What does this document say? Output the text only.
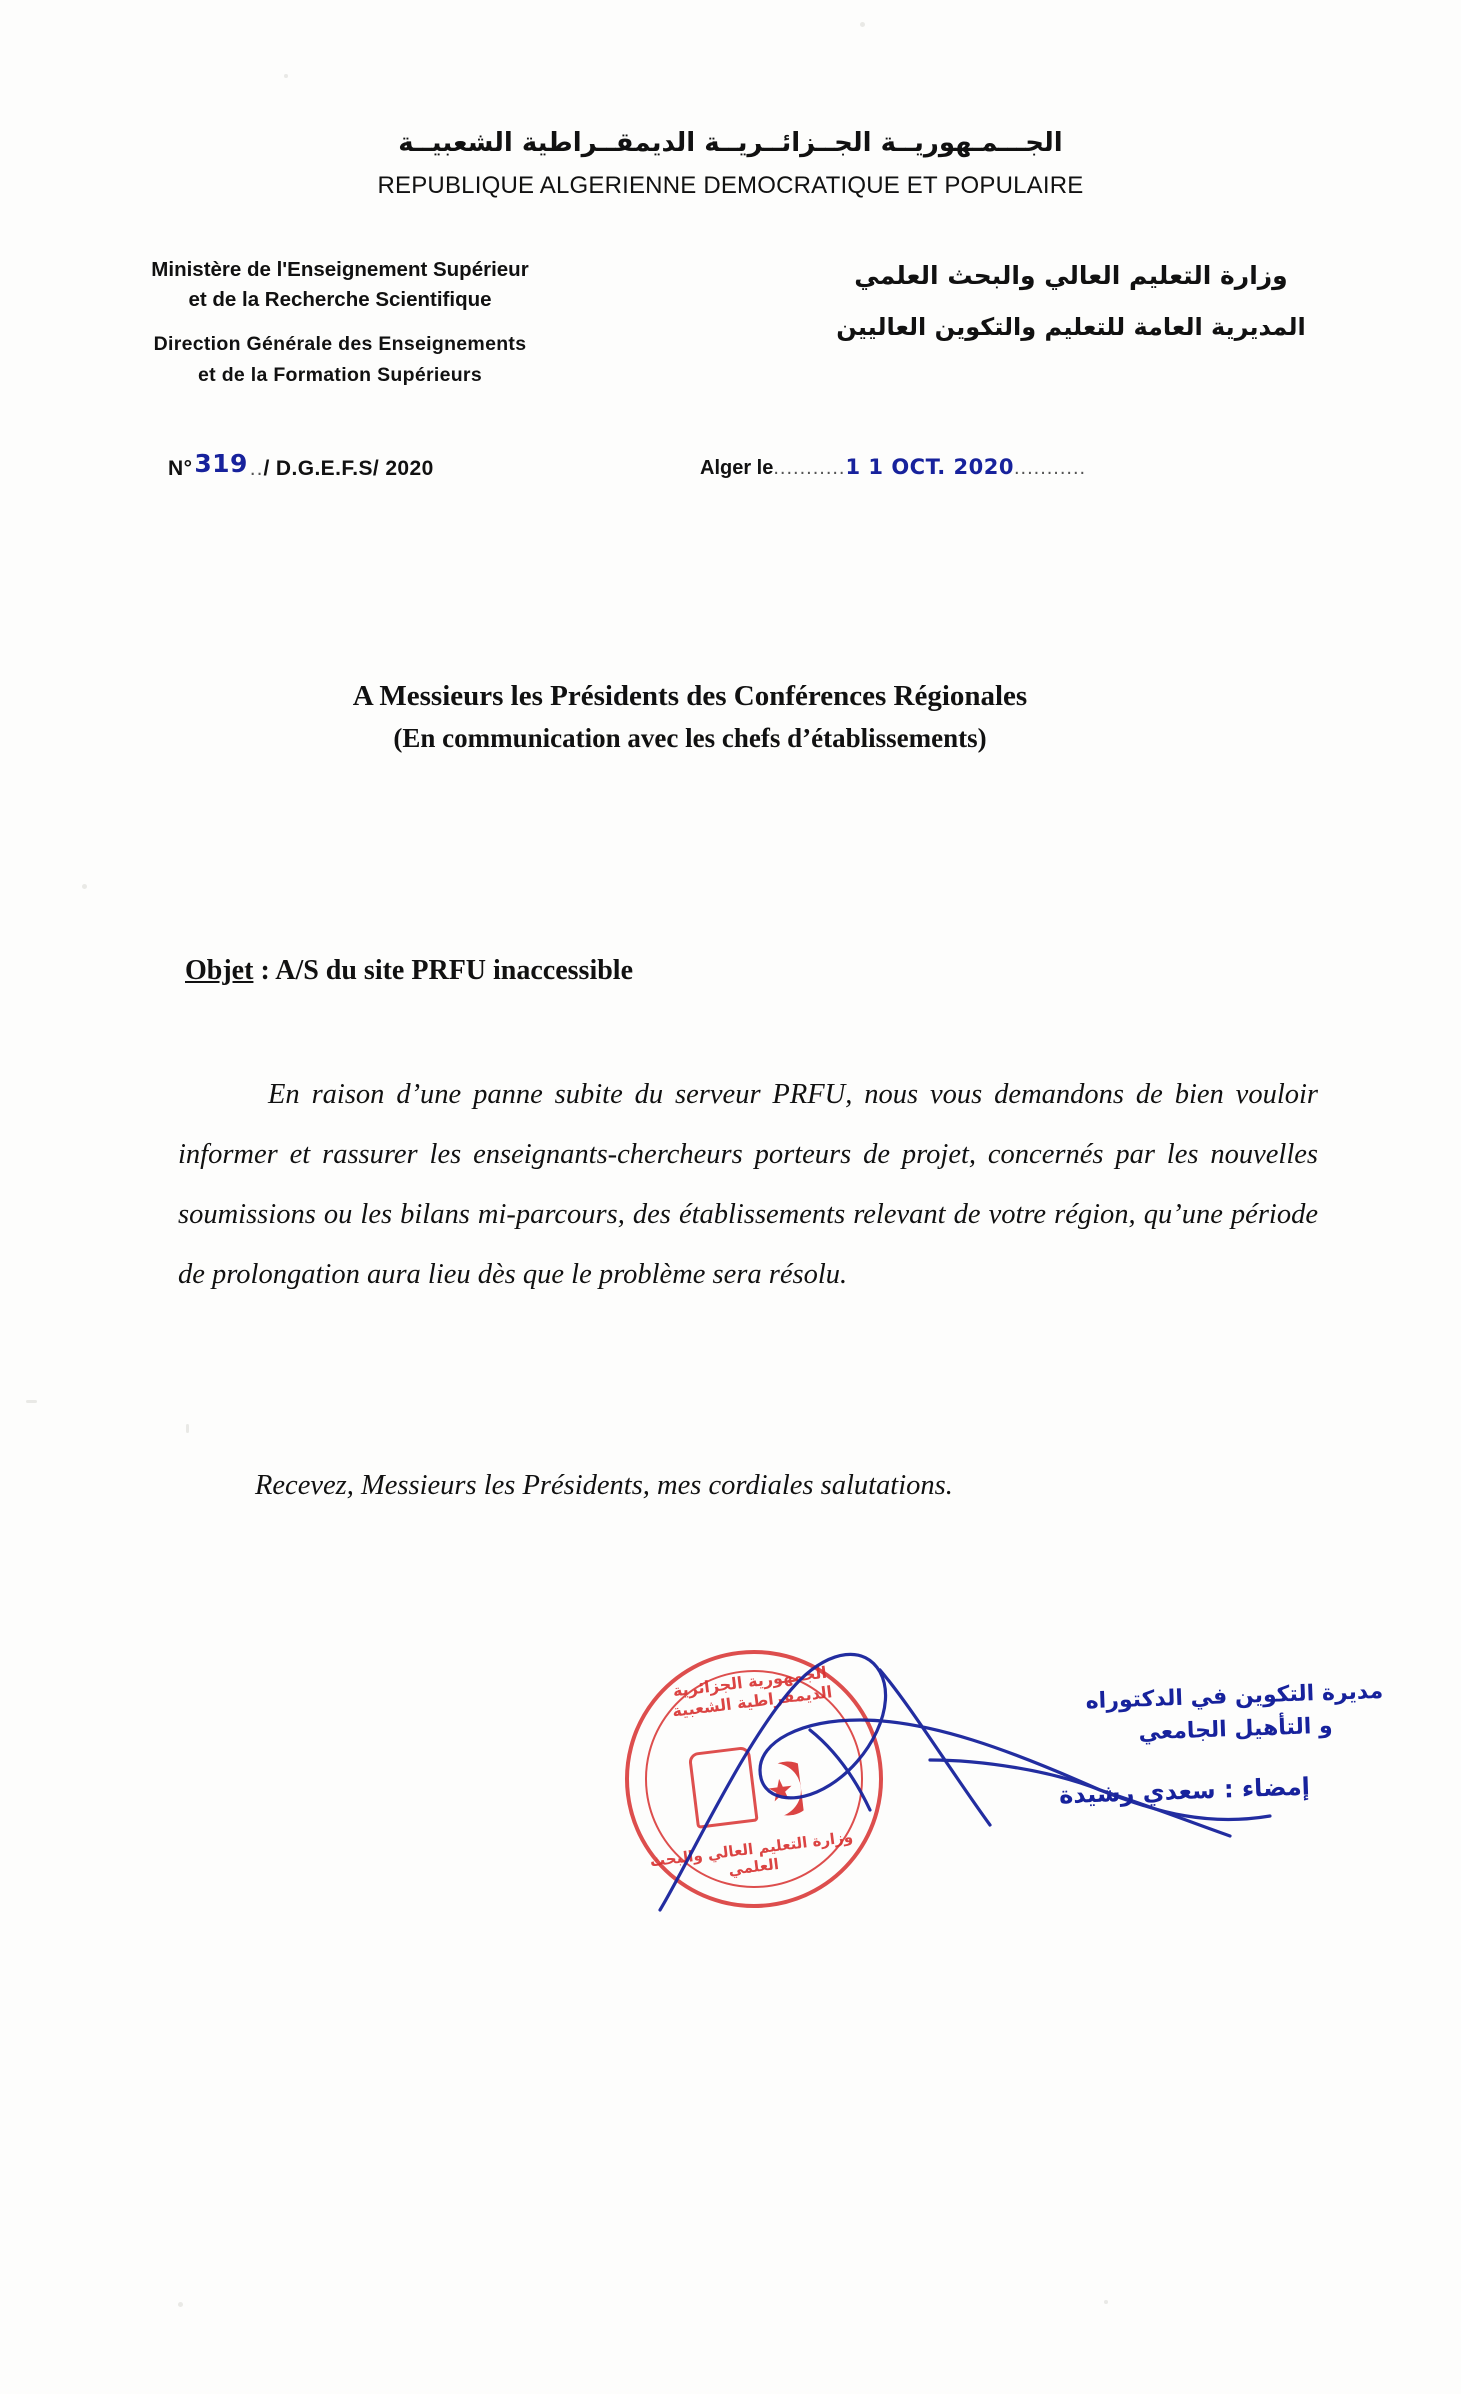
الجـــمـهوريــة الجــزائــريــة الديمقــراطية الشعبيــة
REPUBLIQUE ALGERIENNE DEMOCRATIQUE ET POPULAIRE
Ministère de l'Enseignement Supérieur
et de la Recherche Scientifique
Direction Générale des Enseignements
et de la Formation Supérieurs
وزارة التعليم العالي والبحث العلمي
المديرية العامة للتعليم والتكوين العاليين
N°319../ D.G.E.F.S/ 2020	Alger le...........1 1 OCT. 2020...........
A Messieurs les Présidents des Conférences Régionales
(En communication avec les chefs d’établissements)
Objet : A/S du site PRFU inaccessible

En raison d’une panne subite du serveur PRFU, nous vous demandons de bien vouloir informer et rassurer les enseignants-chercheurs porteurs de projet, concernés par les nouvelles soumissions ou les bilans mi-parcours, des établissements relevant de votre région, qu’une période de prolongation aura lieu dès que le problème sera résolu.

Recevez, Messieurs les Présidents, mes cordiales salutations.
الجمهورية الجزائرية الديمقراطية الشعبية
★
وزارة التعليم العالي والبحث العلمي
مديرة التكوين في الدكتوراه
و التأهيل الجامعي
إمضاء : سعدي رشيدة
